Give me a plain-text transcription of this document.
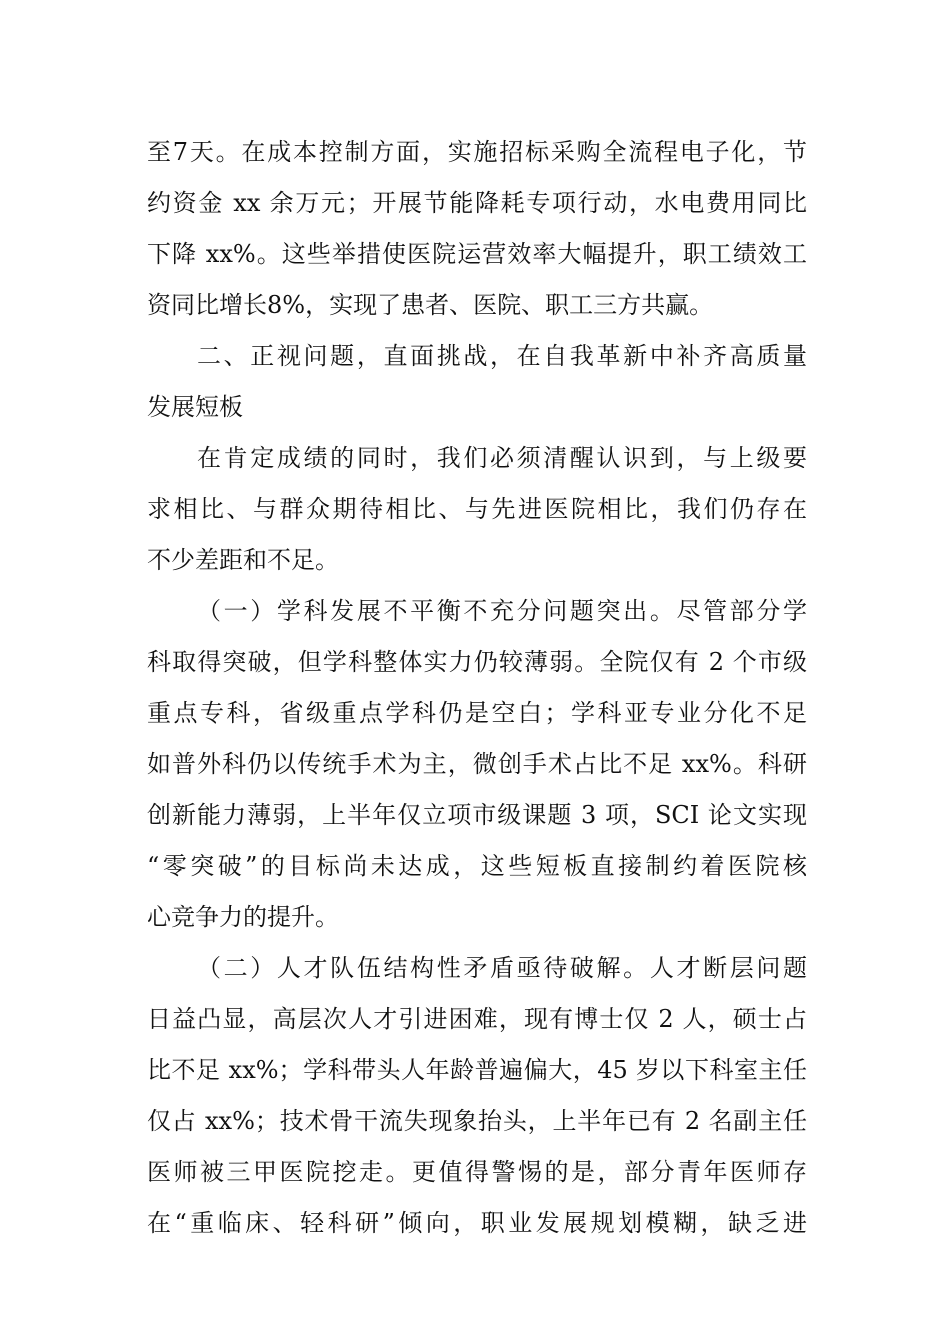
至7天。在成本控制方面，实施招标采购全流程电子化，节
约资金 xx 余万元；开展节能降耗专项行动，水电费用同比
下降 xx%。这些举措使医院运营效率大幅提升，职工绩效工
资同比增长8%，实现了患者、医院、职工三方共赢。
二、正视问题，直面挑战，在自我革新中补齐高质量
发展短板
在肯定成绩的同时，我们必须清醒认识到，与上级要
求相比、与群众期待相比、与先进医院相比，我们仍存在
不少差距和不足。
（一）学科发展不平衡不充分问题突出。尽管部分学
科取得突破，但学科整体实力仍较薄弱。全院仅有 2 个市级
重点专科，省级重点学科仍是空白；学科亚专业分化不足
如普外科仍以传统手术为主，微创手术占比不足 xx%。科研
创新能力薄弱，上半年仅立项市级课题 3 项，SCI 论文实现
“零突破”的目标尚未达成，这些短板直接制约着医院核
心竞争力的提升。
（二）人才队伍结构性矛盾亟待破解。人才断层问题
日益凸显，高层次人才引进困难，现有博士仅 2 人，硕士占
比不足 xx%；学科带头人年龄普遍偏大，45 岁以下科室主任
仅占 xx%；技术骨干流失现象抬头，上半年已有 2 名副主任
医师被三甲医院挖走。更值得警惕的是，部分青年医师存
在“重临床、轻科研”倾向，职业发展规划模糊，缺乏进
